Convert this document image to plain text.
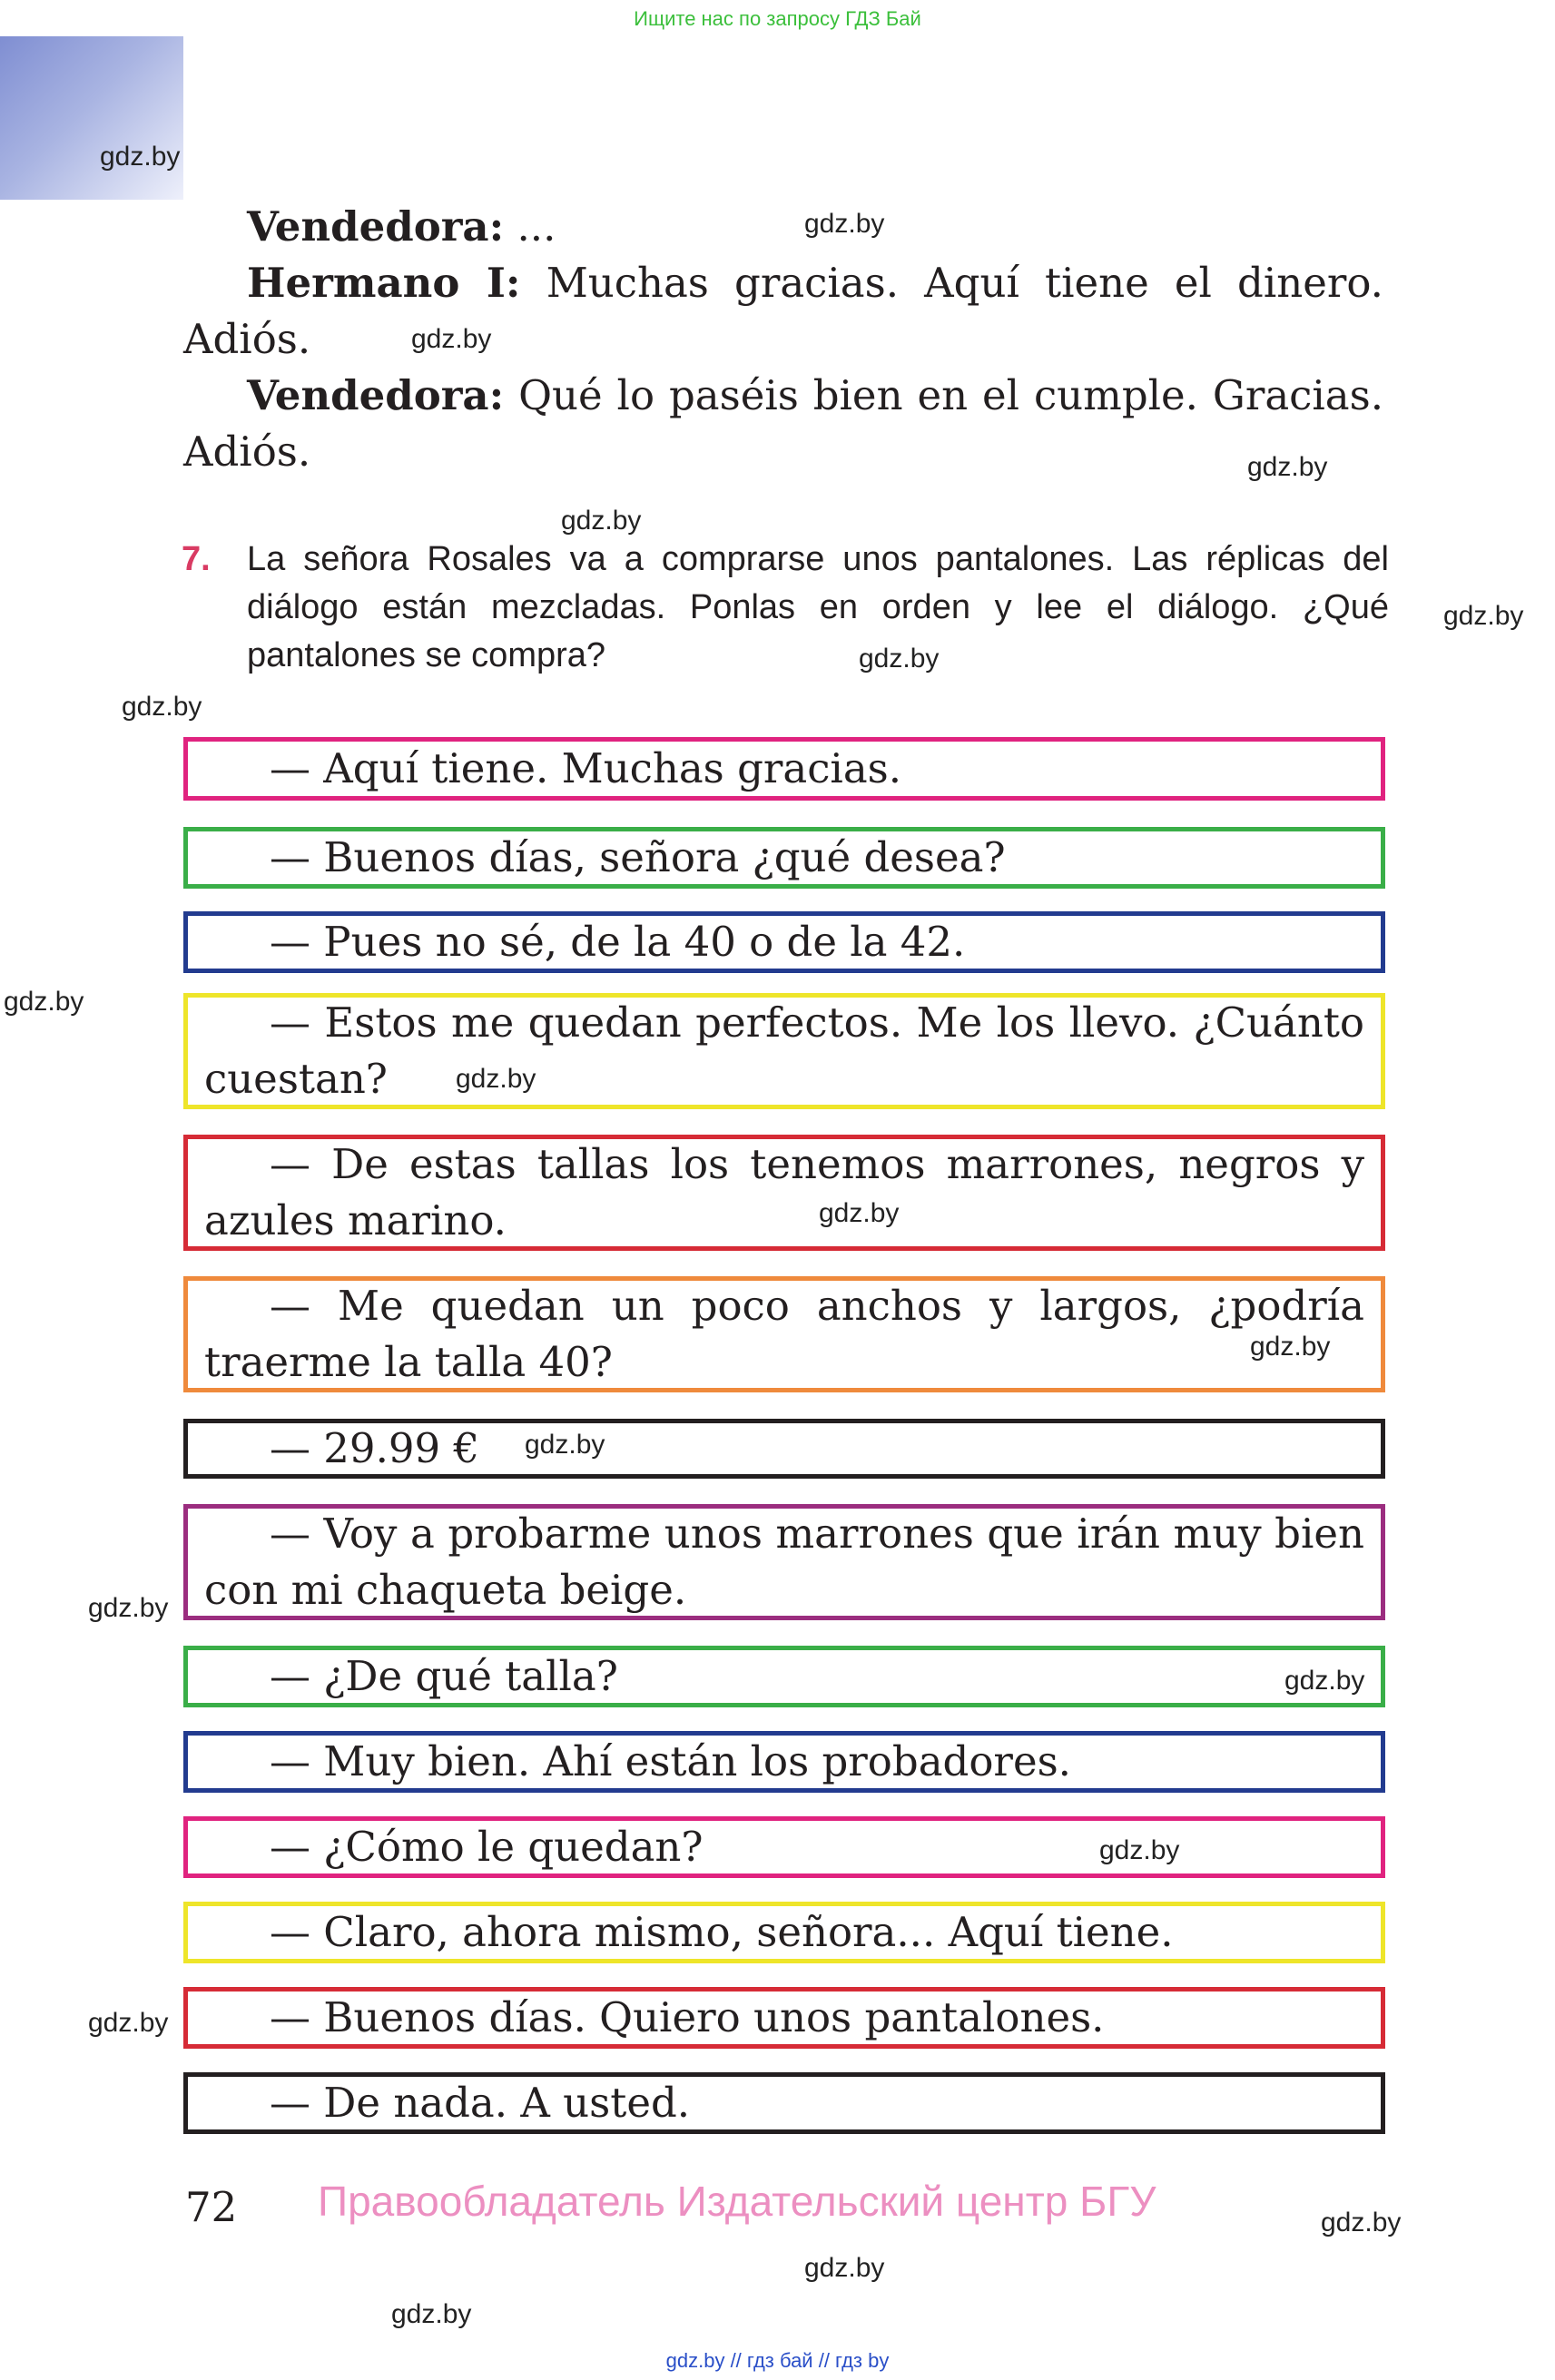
Ищите нас по запросу ГДЗ Бай
Vendedora: ...
Hermano I: Muchas gracias. Aquí tiene el dinero. Adiós.
Vendedora: Qué lo paséis bien en el cumple. Gracias. Adiós.
7. La señora Rosales va a comprarse unos pantalones. Las réplicas del diálogo están mezcladas. Ponlas en orden y lee el diálogo. ¿Qué pantalones se compra?
— Aquí tiene. Muchas gracias.
— Buenos días, señora ¿qué desea?
— Pues no sé, de la 40 o de la 42.
— Estos me quedan perfectos. Me los llevo. ¿Cuánto cuestan?
— De estas tallas los tenemos marrones, negros y azules marino.
— Me quedan un poco anchos y largos, ¿podría traerme la talla 40?
— 29.99 €
— Voy a probarme unos marrones que irán muy bien con mi chaqueta beige.
— ¿De qué talla?
— Muy bien. Ahí están los probadores.
— ¿Cómo le quedan?
— Claro, ahora mismo, señora... Aquí tiene.
— Buenos días. Quiero unos pantalones.
— De nada. A usted.
72 Правообладатель Издательский центр БГУ
gdz.by // гдз бай // гдз by
gdz.by
gdz.by
gdz.by
gdz.by
gdz.by
gdz.by
gdz.by
gdz.by
gdz.by
gdz.by
gdz.by
gdz.by
gdz.by
gdz.by
gdz.by
gdz.by
gdz.by
gdz.by
gdz.by
gdz.by
